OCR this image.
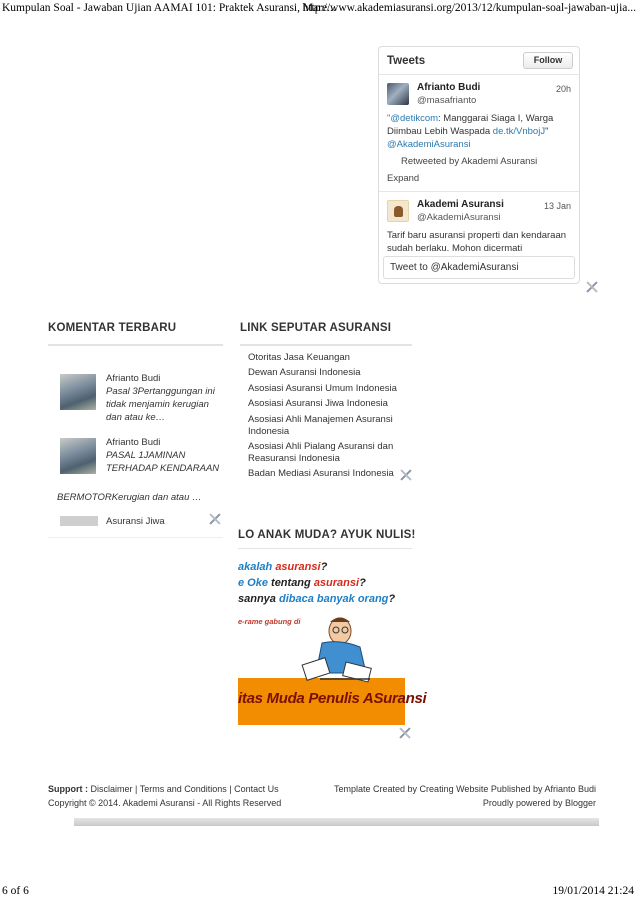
Kumpulan Soal - Jawaban Ujian AAMAI 101: Praktek Asuransi, Mare...
http://www.akademiasuransi.org/2013/12/kumpulan-soal-jawaban-ujia...
Tweets	Follow
Afrianto Budi
@masafrianto
20h
"@detikcom: Manggarai Siaga I, Warga Diimbau Lebih Waspada de.tk/VnbojJ"
@AkademiAsuransi
Retweeted by Akademi Asuransi
Expand
Akademi Asuransi
@AkademiAsuransi
13 Jan
Tarif baru asuransi properti dan kendaraan sudah berlaku. Mohon dicermati
Tweet to @AkademiAsuransi
KOMENTAR TERBARU
Afrianto Budi
Pasal 3Pertanggungan ini tidak menjamin kerugian dan atau ke…
Afrianto Budi
PASAL 1JAMINAN TERHADAP KENDARAAN
BERMOTORKerugian dan atau …
Asuransi Jiwa
LINK SEPUTAR ASURANSI
Otoritas Jasa Keuangan
Dewan Asuransi Indonesia
Asosiasi Asuransi Umum Indonesia
Asosiasi Asuransi Jiwa Indonesia
Asosiasi Ahli Manajemen Asuransi Indonesia
Asosiasi Ahli Pialang Asuransi dan Reasuransi Indonesia
Badan Mediasi Asuransi Indonesia
LO ANAK MUDA? AYUK NULIS!
akalah asuransi?
e Oke tentang asuransi?
sannya dibaca banyak orang?
e-rame gabung di
itas Muda Penulis ASuransi
Support : Disclaimer | Terms and Conditions | Contact Us	Template Created by Creating Website Published by Afrianto Budi
Copyright © 2014. Akademi Asuransi - All Rights Reserved	Proudly powered by Blogger
6 of 6	19/01/2014 21:24
